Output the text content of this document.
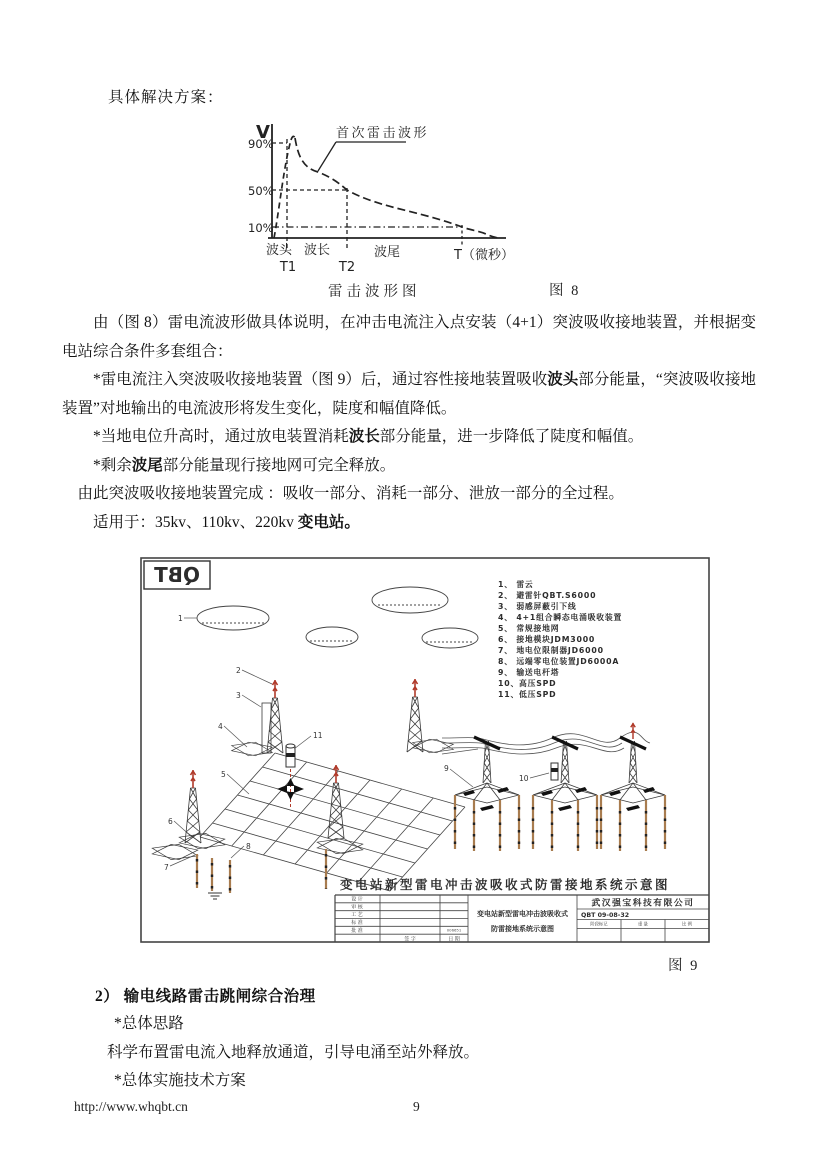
具体解决方案：
V
90%
50%
10%
首次雷击波形
波头 波长	波尾	T（微秒）
T1	T2
雷击波形图	图 8

由（图 8）雷电流波形做具体说明，在冲击电流注入点安装（4+1）突波吸收接地装置，并根据变电站综合条件多套组合：

*雷电流注入突波吸收接地装置（图 9）后，通过容性接地装置吸收波头部分能量，“突波吸收接地装置”对地输出的电流波形将发生变化，陡度和幅值降低。

*当地电位升高时，通过放电装置消耗波长部分能量，进一步降低了陡度和幅值。

*剩余波尾部分能量现行接地网可完全释放。

由此突波吸收接地装置完成 ：吸收一部分、消耗一部分、泄放一部分的全过程。

适用于：35kv、110kv、220kv 变电站。

QBT	1、 雷云
2、 避雷针QBT.S6000
3、 弱感屏蔽引下线
4、 4+1组合瞬态电涌吸收装置
5、 常规接地网
6、 接地模块JDM3000
7、 地电位限制器JD6000
8、 远端零电位装置JD6000A
9、 输送电杆塔
10、高压SPD
11、低压SPD
1
2
3
4
5
6
7
8
9
10
11
变电站新型雷电冲击波吸收式防雷接地系统示意图
设 计
审 核
工 艺
标 准
批 准
签 字	日 期
006651
变电站新型雷电冲击波吸收式
防雷接地系统示意图
武汉强宝科技有限公司
QBT 09-08-32
阶段标记	重 量	比 例
图 9
2） 输电线路雷击跳闸综合治理
*总体思路
科学布置雷电流入地释放通道，引导电涌至站外释放。
*总体实施技术方案
http://www.whqbt.cn	9
